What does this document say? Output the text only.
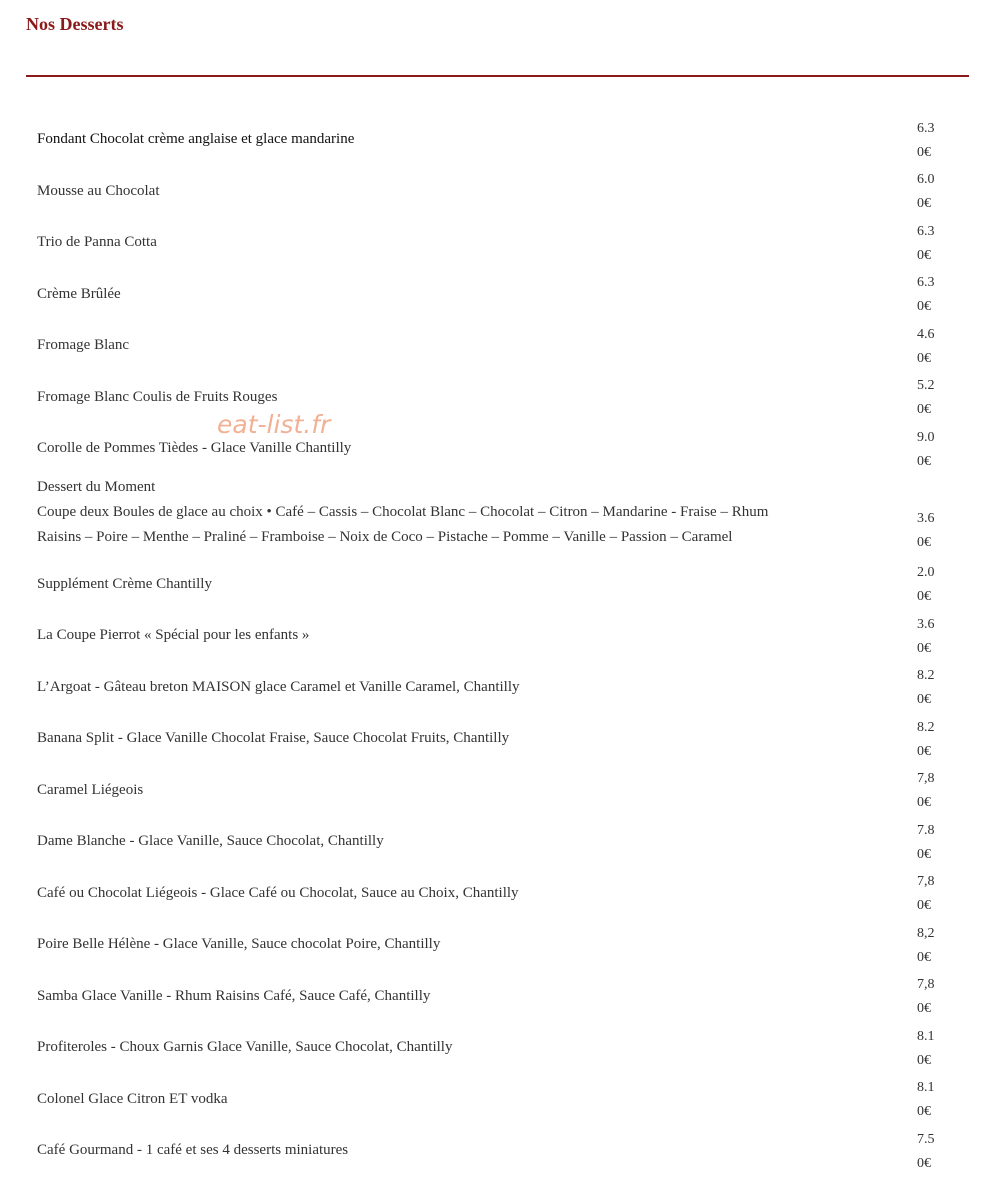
Nos Desserts
Fondant Chocolat crème anglaise et glace mandarine
6.3
0€
Mousse au Chocolat
6.0
0€
Trio de Panna Cotta
6.3
0€
Crème Brûlée
6.3
0€
Fromage Blanc
4.6
0€
Fromage Blanc Coulis de Fruits Rouges
5.2
0€
Corolle de Pommes Tièdes - Glace Vanille Chantilly
9.0
0€
Dessert du Moment
Coupe deux Boules de glace au choix • Café – Cassis – Chocolat Blanc – Chocolat – Citron – Mandarine - Fraise – Rhum
Raisins – Poire – Menthe – Praliné – Framboise – Noix de Coco – Pistache – Pomme – Vanille – Passion – Caramel
3.6
0€
Supplément Crème Chantilly
2.0
0€
La Coupe Pierrot « Spécial pour les enfants »
3.6
0€
L’Argoat - Gâteau breton MAISON glace Caramel et Vanille Caramel, Chantilly
8.2
0€
Banana Split - Glace Vanille Chocolat Fraise, Sauce Chocolat Fruits, Chantilly
8.2
0€
Caramel Liégeois
7,8
0€
Dame Blanche - Glace Vanille, Sauce Chocolat, Chantilly
7.8
0€
Café ou Chocolat Liégeois - Glace Café ou Chocolat, Sauce au Choix, Chantilly
7,8
0€
Poire Belle Hélène - Glace Vanille, Sauce chocolat Poire, Chantilly
8,2
0€
Samba Glace Vanille - Rhum Raisins Café, Sauce Café, Chantilly
7,8
0€
Profiteroles - Choux Garnis Glace Vanille, Sauce Chocolat, Chantilly
8.1
0€
Colonel Glace Citron ET vodka
8.1
0€
Café Gourmand - 1 café et ses 4 desserts miniatures
7.5
0€
eat-list.fr
